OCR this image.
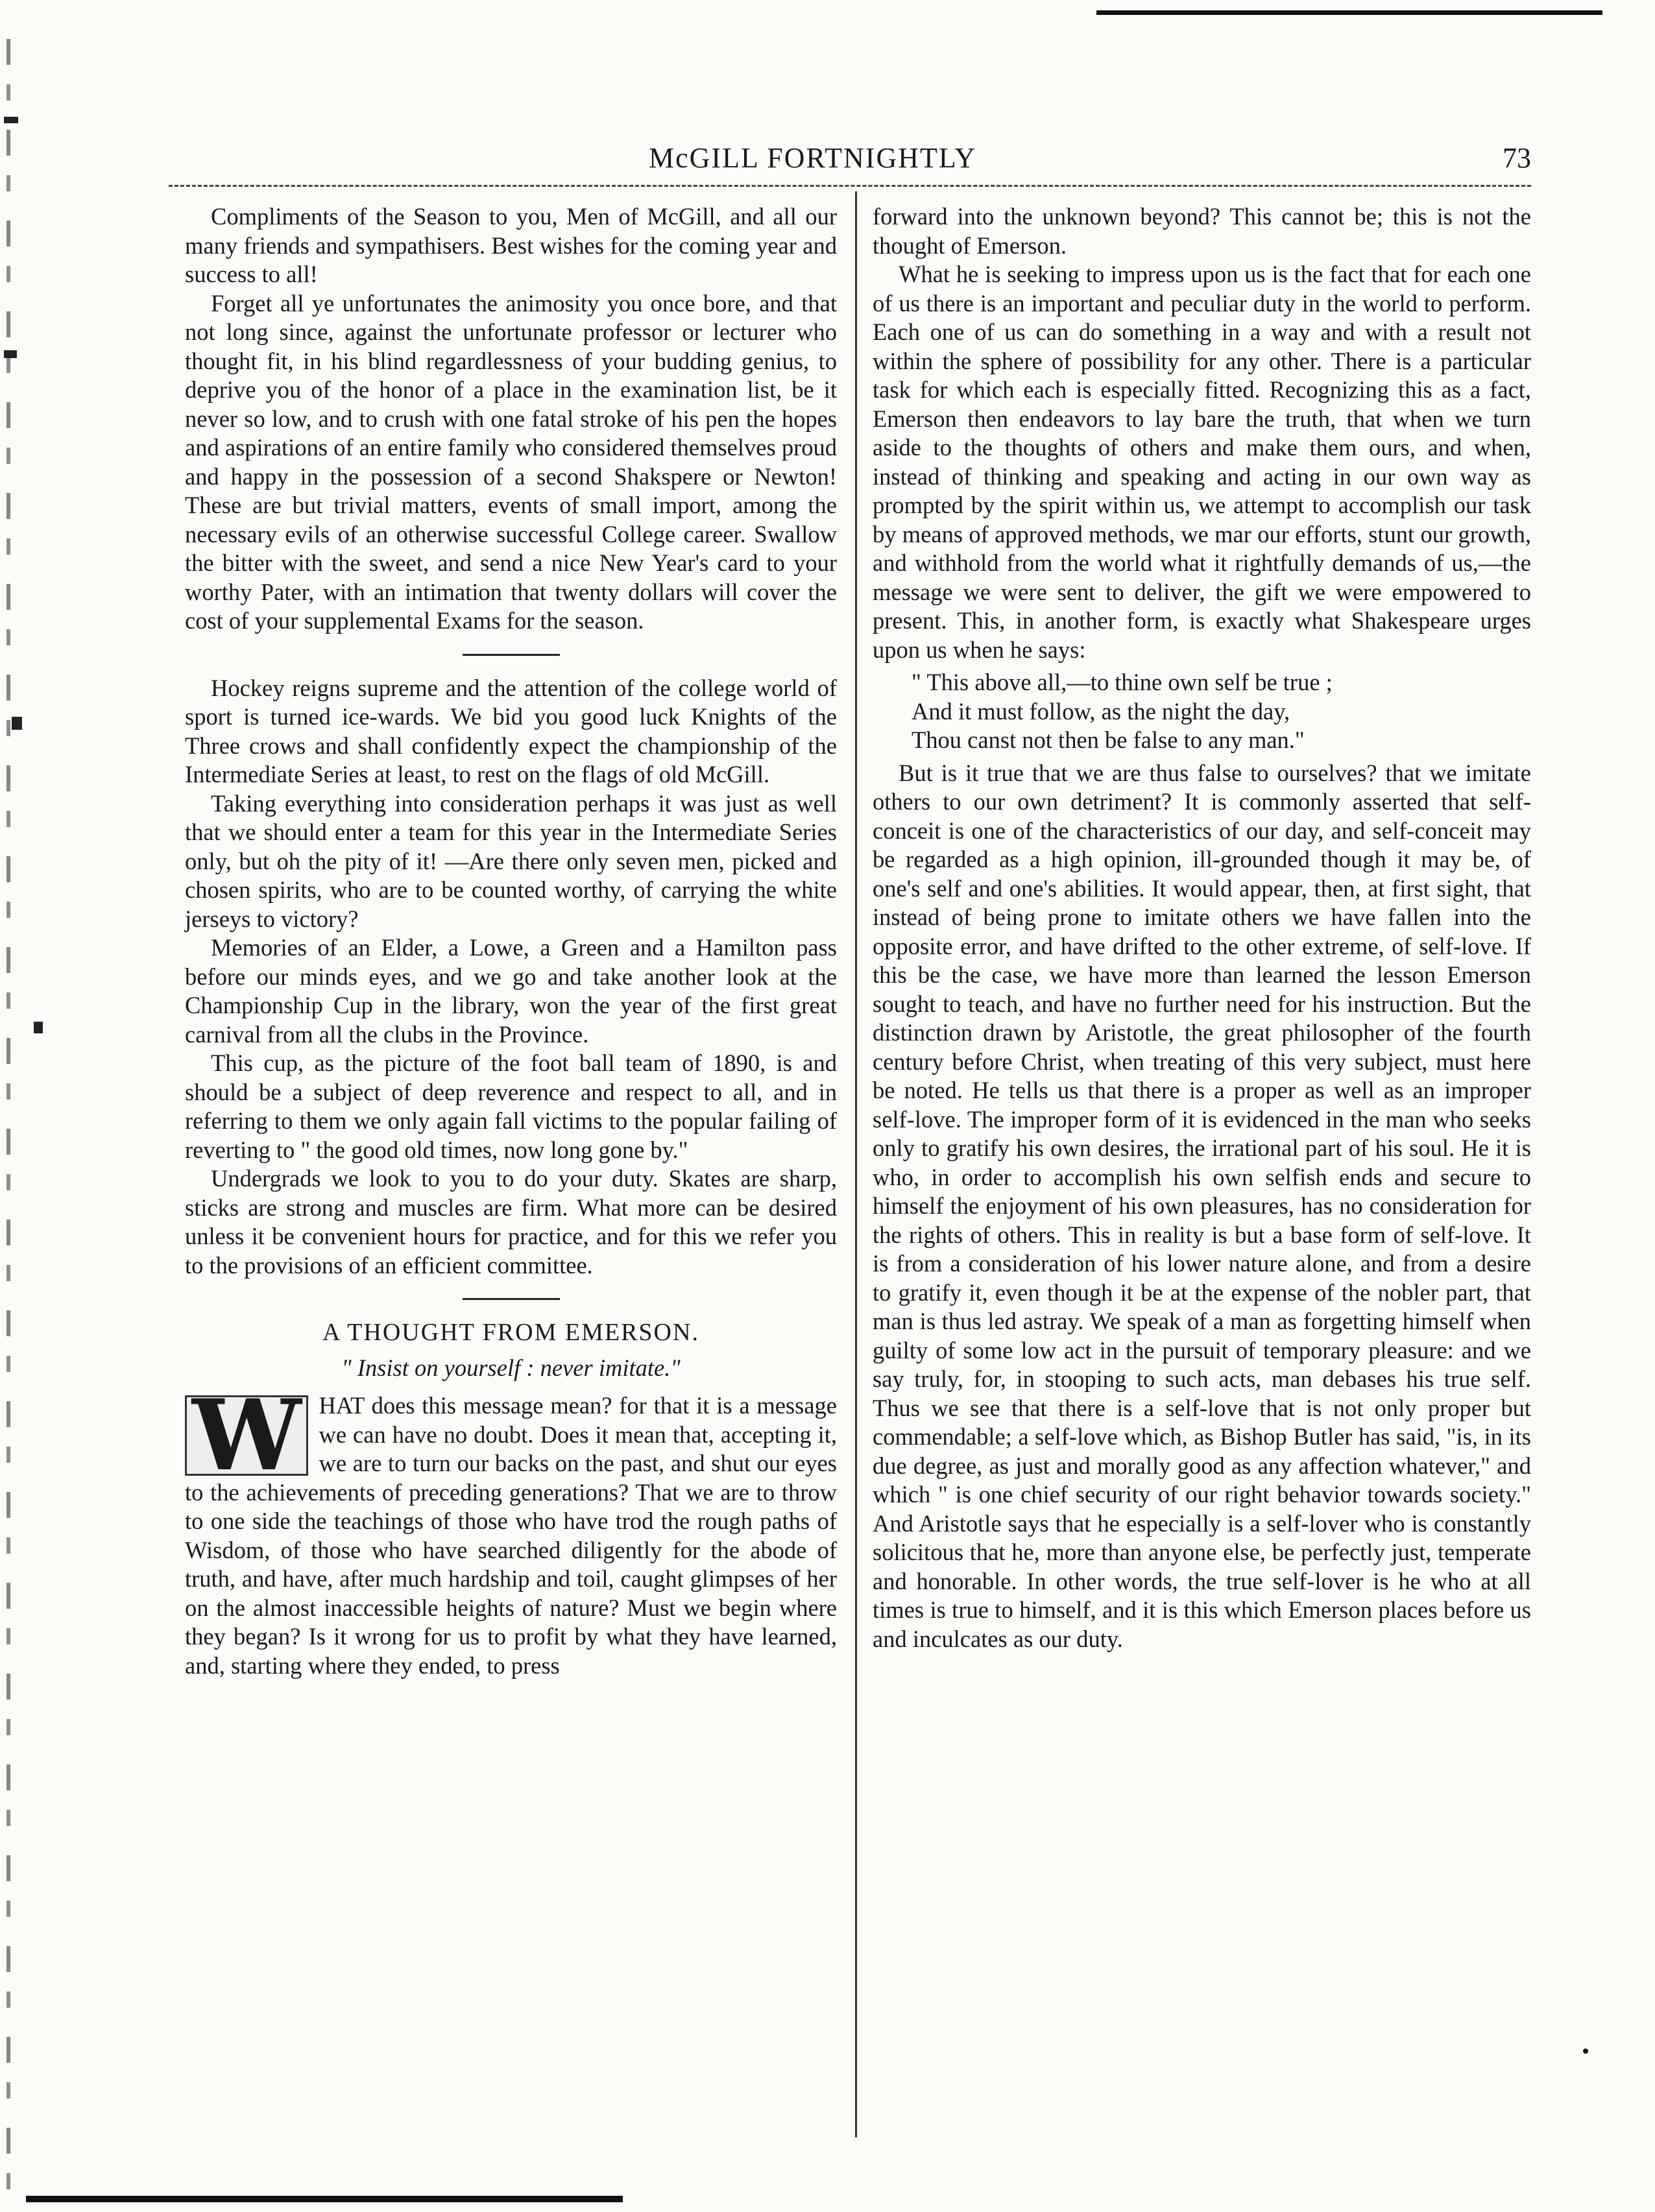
McGILL FORTNIGHTLY	73

Compliments of the Season to you, Men of McGill, and all our many friends and sympathisers. Best wishes for the coming year and success to all!

Forget all ye unfortunates the animosity you once bore, and that not long since, against the unfortunate professor or lecturer who thought fit, in his blind regardlessness of your budding genius, to deprive you of the honor of a place in the examination list, be it never so low, and to crush with one fatal stroke of his pen the hopes and aspirations of an entire family who considered themselves proud and happy in the possession of a second Shakspere or Newton! These are but trivial matters, events of small import, among the necessary evils of an otherwise successful College career. Swallow the bitter with the sweet, and send a nice New Year's card to your worthy Pater, with an intimation that twenty dollars will cover the cost of your supplemental Exams for the season.

Hockey reigns supreme and the attention of the college world of sport is turned ice-wards. We bid you good luck Knights of the Three crows and shall confidently expect the championship of the Intermediate Series at least, to rest on the flags of old McGill.

Taking everything into consideration perhaps it was just as well that we should enter a team for this year in the Intermediate Series only, but oh the pity of it! —Are there only seven men, picked and chosen spirits, who are to be counted worthy, of carrying the white jerseys to victory?

Memories of an Elder, a Lowe, a Green and a Hamilton pass before our minds eyes, and we go and take another look at the Championship Cup in the library, won the year of the first great carnival from all the clubs in the Province.

This cup, as the picture of the foot ball team of 1890, is and should be a subject of deep reverence and respect to all, and in referring to them we only again fall victims to the popular failing of reverting to " the good old times, now long gone by."

Undergrads we look to you to do your duty. Skates are sharp, sticks are strong and muscles are firm. What more can be desired unless it be convenient hours for practice, and for this we refer you to the provisions of an efficient committee.

A THOUGHT FROM EMERSON.
" Insist on yourself : never imitate."

W HAT does this message mean? for that it is a message we can have no doubt. Does it mean that, accepting it, we are to turn our backs on the past, and shut our eyes to the achievements of preceding generations? That we are to throw to one side the teachings of those who have trod the rough paths of Wisdom, of those who have searched diligently for the abode of truth, and have, after much hardship and toil, caught glimpses of her on the almost inaccessible heights of nature? Must we begin where they began? Is it wrong for us to profit by what they have learned, and, starting where they ended, to press

forward into the unknown beyond? This cannot be; this is not the thought of Emerson.

What he is seeking to impress upon us is the fact that for each one of us there is an important and peculiar duty in the world to perform. Each one of us can do something in a way and with a result not within the sphere of possibility for any other. There is a particular task for which each is especially fitted. Recognizing this as a fact, Emerson then endeavors to lay bare the truth, that when we turn aside to the thoughts of others and make them ours, and when, instead of thinking and speaking and acting in our own way as prompted by the spirit within us, we attempt to accomplish our task by means of approved methods, we mar our efforts, stunt our growth, and withhold from the world what it rightfully demands of us,—the message we were sent to deliver, the gift we were empowered to present. This, in another form, is exactly what Shakespeare urges upon us when he says:

" This above all,—to thine own self be true ;
And it must follow, as the night the day,
Thou canst not then be false to any man."

But is it true that we are thus false to ourselves? that we imitate others to our own detriment? It is commonly asserted that self-conceit is one of the characteristics of our day, and self-conceit may be regarded as a high opinion, ill-grounded though it may be, of one's self and one's abilities. It would appear, then, at first sight, that instead of being prone to imitate others we have fallen into the opposite error, and have drifted to the other extreme, of self-love. If this be the case, we have more than learned the lesson Emerson sought to teach, and have no further need for his instruction. But the distinction drawn by Aristotle, the great philosopher of the fourth century before Christ, when treating of this very subject, must here be noted. He tells us that there is a proper as well as an improper self-love. The improper form of it is evidenced in the man who seeks only to gratify his own desires, the irrational part of his soul. He it is who, in order to accomplish his own selfish ends and secure to himself the enjoyment of his own pleasures, has no consideration for the rights of others. This in reality is but a base form of self-love. It is from a consideration of his lower nature alone, and from a desire to gratify it, even though it be at the expense of the nobler part, that man is thus led astray. We speak of a man as forgetting himself when guilty of some low act in the pursuit of temporary pleasure: and we say truly, for, in stooping to such acts, man debases his true self. Thus we see that there is a self-love that is not only proper but commendable; a self-love which, as Bishop Butler has said, "is, in its due degree, as just and morally good as any affection whatever," and which " is one chief security of our right behavior towards society." And Aristotle says that he especially is a self-lover who is constantly solicitous that he, more than anyone else, be perfectly just, temperate and honorable. In other words, the true self-lover is he who at all times is true to himself, and it is this which Emerson places before us and inculcates as our duty.
